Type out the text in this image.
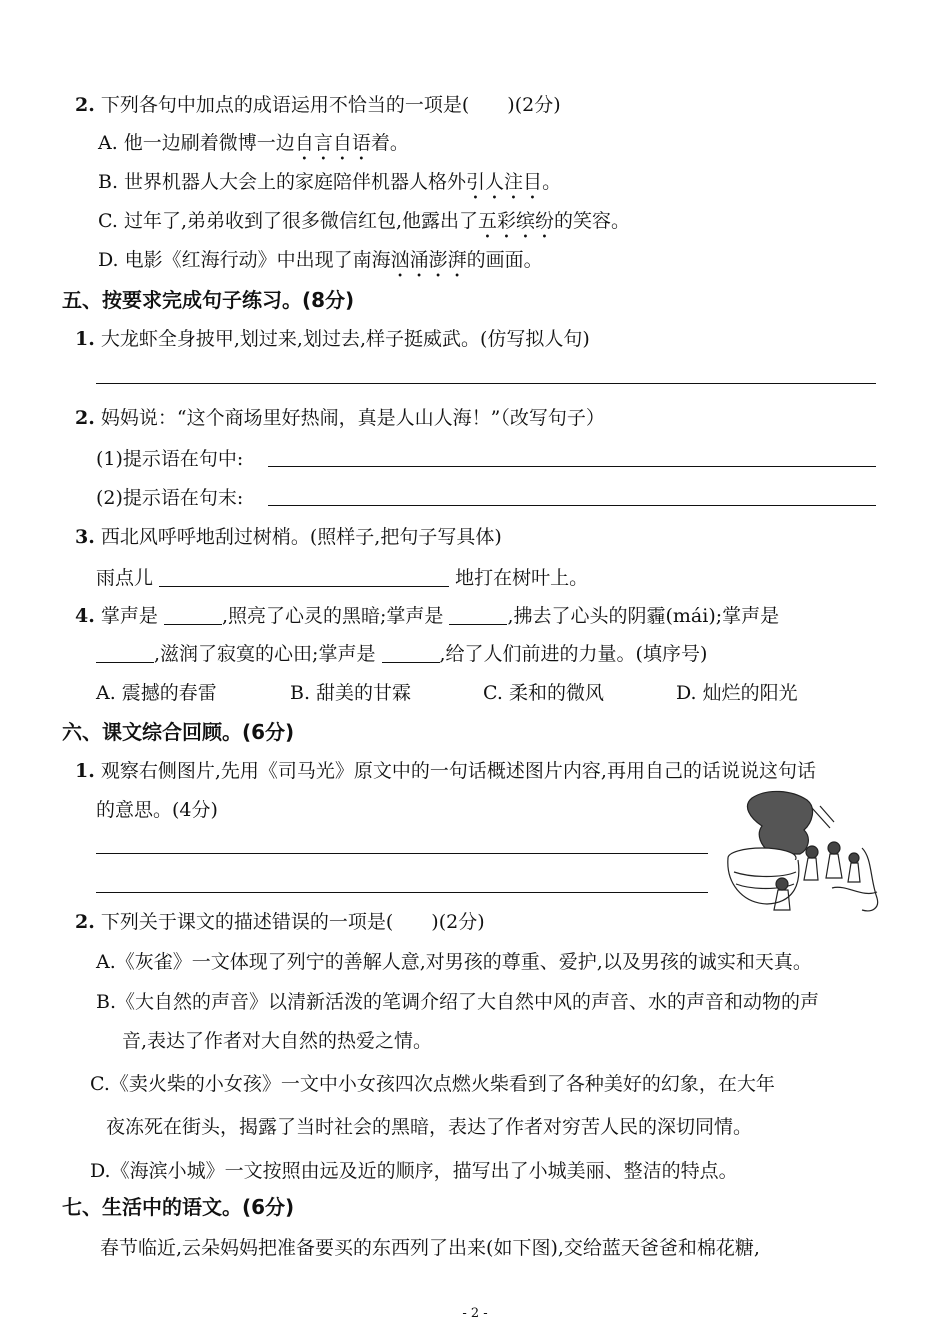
2. 下列各句中加点的成语运用不恰当的一项是(　　)(2分)
A. 他一边刷着微博一边自言自语着。
B. 世界机器人大会上的家庭陪伴机器人格外引人注目。
C. 过年了,弟弟收到了很多微信红包,他露出了五彩缤纷的笑容。
D. 电影《红海行动》中出现了南海汹涌澎湃的画面。
五、按要求完成句子练习。(8分)
1. 大龙虾全身披甲,划过来,划过去,样子挺威武。(仿写拟人句)
2. 妈妈说：“这个商场里好热闹，真是人山人海！”（改写句子）
(1)提示语在句中:
(2)提示语在句末:
3. 西北风呼呼地刮过树梢。(照样子,把句子写具体)
雨点儿	地打在树叶上。
4. 掌声是	,照亮了心灵的黑暗;掌声是	,拂去了心头的阴霾(mái);掌声是
,滋润了寂寞的心田;掌声是	,给了人们前进的力量。(填序号)
A. 震撼的春雷	B. 甜美的甘霖	C. 柔和的微风	D. 灿烂的阳光
六、课文综合回顾。(6分)
1. 观察右侧图片,先用《司马光》原文中的一句话概述图片内容,再用自己的话说说这句话
的意思。(4分)
2. 下列关于课文的描述错误的一项是(　　)(2分)
A.《灰雀》一文体现了列宁的善解人意,对男孩的尊重、爱护,以及男孩的诚实和天真。
B.《大自然的声音》以清新活泼的笔调介绍了大自然中风的声音、水的声音和动物的声
音,表达了作者对大自然的热爱之情。
C.《卖火柴的小女孩》一文中小女孩四次点燃火柴看到了各种美好的幻象，在大年
夜冻死在街头，揭露了当时社会的黑暗，表达了作者对穷苦人民的深切同情。
D.《海滨小城》一文按照由远及近的顺序，描写出了小城美丽、整洁的特点。
七、生活中的语文。(6分)
春节临近,云朵妈妈把准备要买的东西列了出来(如下图),交给蓝天爸爸和棉花糖,
- 2 -
